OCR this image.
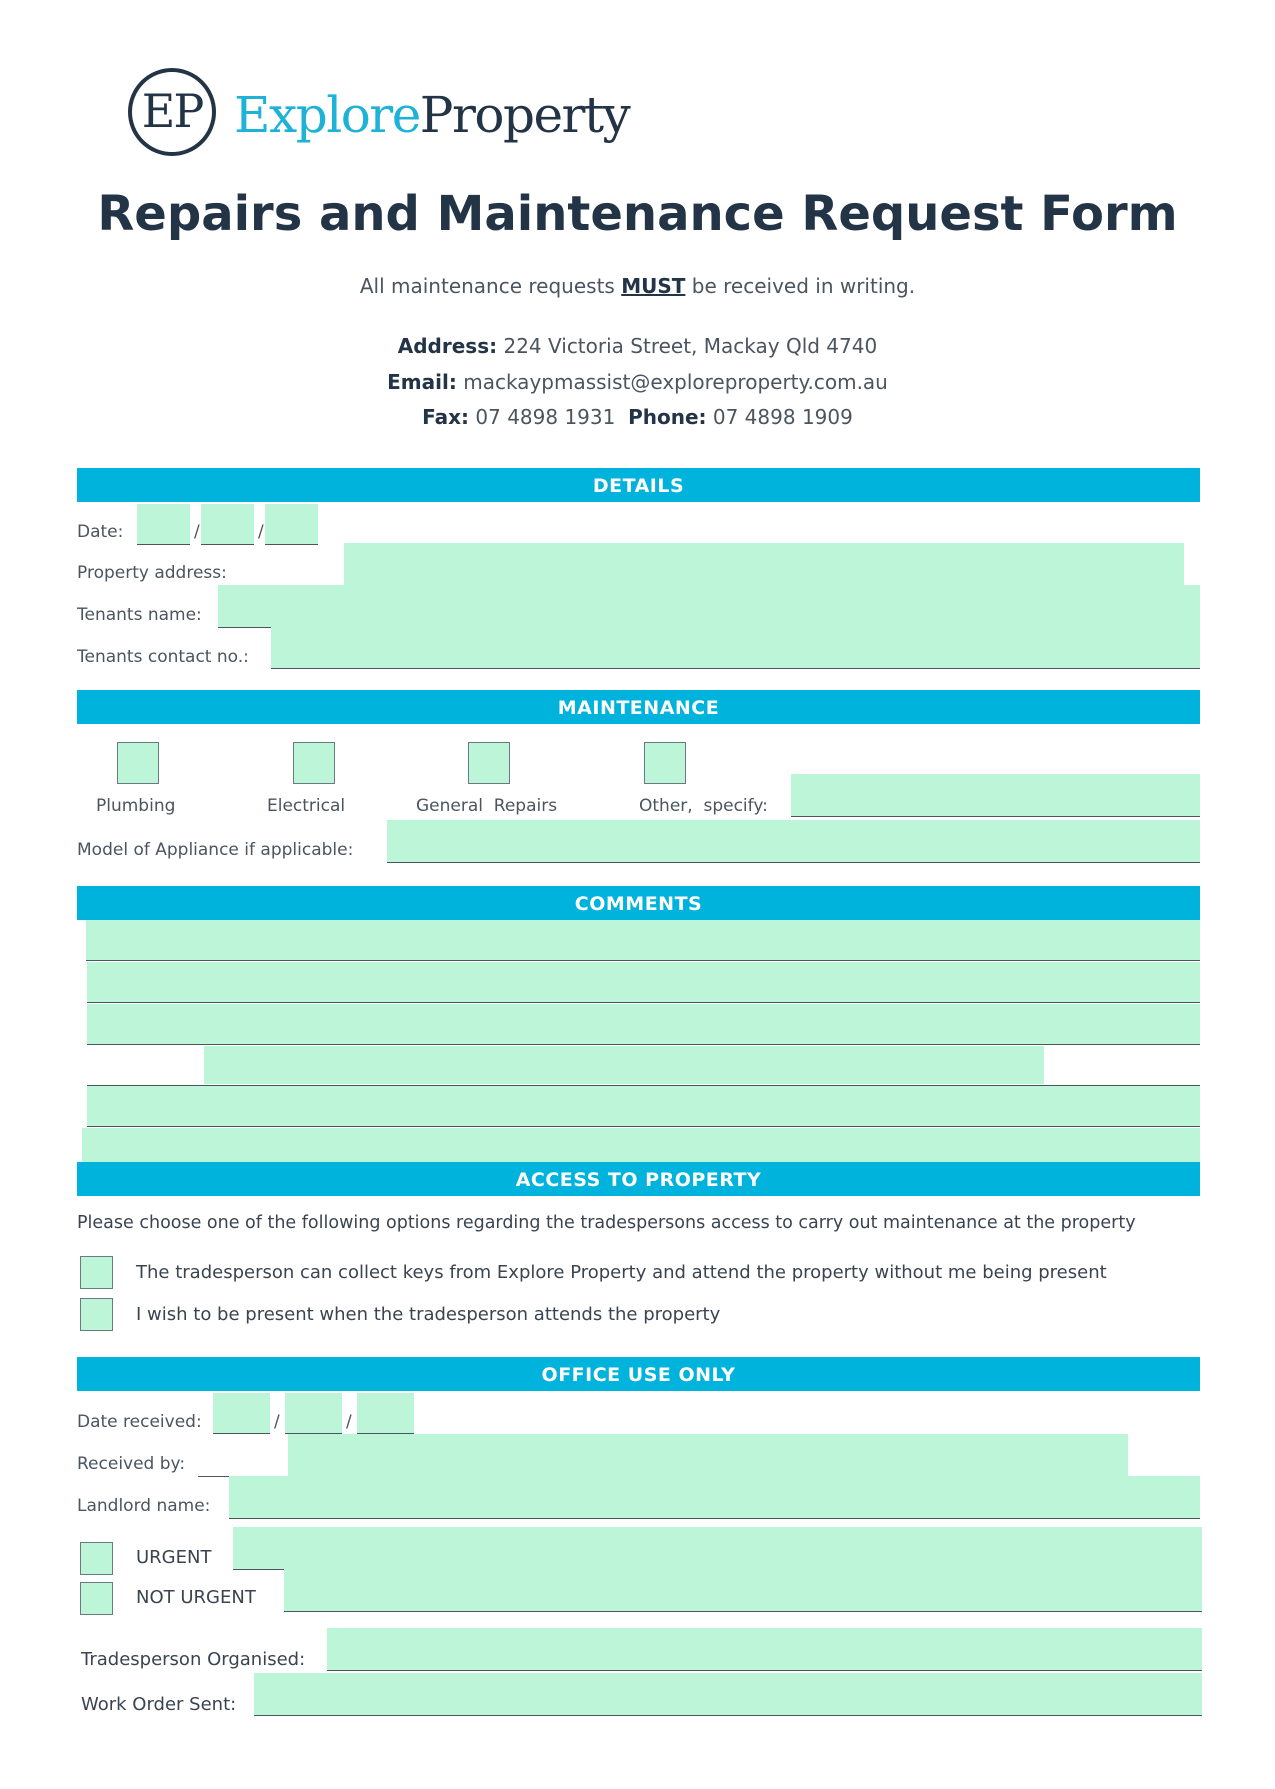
EP ExploreProperty
Repairs and Maintenance Request Form
All maintenance requests MUST be received in writing.
Address: 224 Victoria Street, Mackay Qld 4740
Email: mackaypmassist@exploreproperty.com.au
Fax: 07 4898 1931 Phone: 07 4898 1909
DETAILS
Date:	/	/
Property address:
Tenants name:
Tenants contact no.:
MAINTENANCE
Plumbing	Electrical	General  Repairs	Other,  specify:
Model of Appliance if applicable:
COMMENTS
ACCESS TO PROPERTY
Please choose one of the following options regarding the tradespersons access to carry out maintenance at the property
The tradesperson can collect keys from Explore Property and attend the property without me being present
I wish to be present when the tradesperson attends the property
OFFICE USE ONLY
Date received:	/	/
Received by:
Landlord name:
URGENT
NOT URGENT
Tradesperson Organised:
Work Order Sent:
